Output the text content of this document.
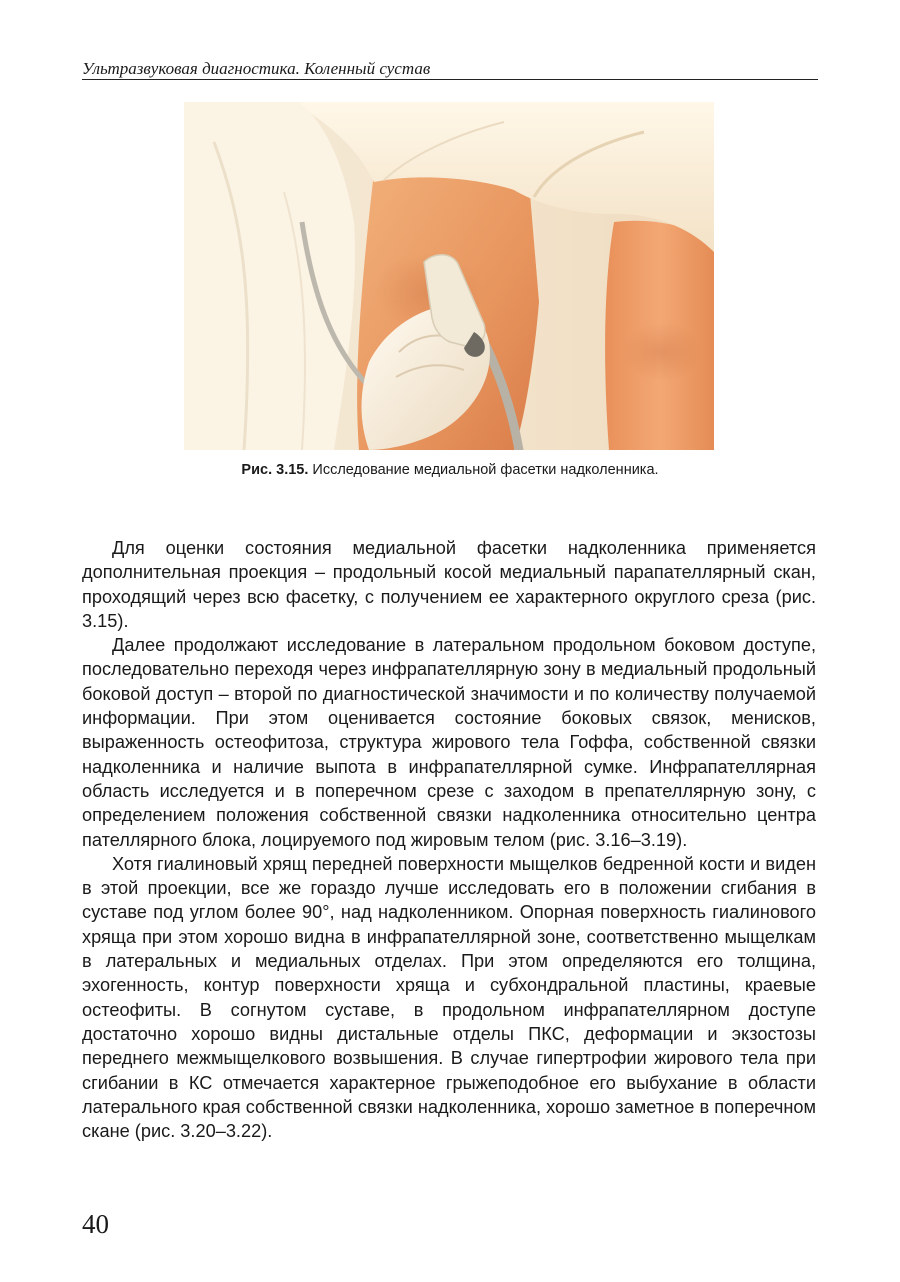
Ультразвуковая диагностика. Коленный сустав
Рис. 3.15. Исследование медиальной фасетки надколенника.

Для оценки состояния медиальной фасетки надколенника применяется дополнительная проекция – продольный косой медиальный парапателлярный скан, проходящий через всю фасетку, с получением ее характерного округлого среза (рис. 3.15).

Далее продолжают исследование в латеральном продольном боковом доступе, последовательно переходя через инфрапателлярную зону в медиальный продольный боковой доступ – второй по диагностической значимости и по количеству получаемой информации. При этом оценивается состояние боковых связок, менисков, выраженность остеофитоза, структура жирового тела Гоффа, собственной связки надколенника и наличие выпота в инфрапателлярной сумке. Инфрапателлярная область исследуется и в поперечном срезе с заходом в препателлярную зону, с определением положения собственной связки надколенника относительно центра пателлярного блока, лоцируемого под жировым телом (рис. 3.16–3.19).

Хотя гиалиновый хрящ передней поверхности мыщелков бедренной кости и виден в этой проекции, все же гораздо лучше исследовать его в положении сгибания в суставе под углом более 90°, над надколенником. Опорная поверхность гиалинового хряща при этом хорошо видна в инфрапателлярной зоне, соответственно мыщелкам в латеральных и медиальных отделах. При этом определяются его толщина, эхогенность, контур поверхности хряща и субхондральной пластины, краевые остеофиты. В согнутом суставе, в продольном инфрапателлярном доступе достаточно хорошо видны дистальные отделы ПКС, деформации и экзостозы переднего межмыщелкового возвышения. В случае гипертрофии жирового тела при сгибании в КС отмечается характерное грыжеподобное его выбухание в области латерального края собственной связки надколенника, хорошо заметное в поперечном скане (рис. 3.20–3.22).

40
